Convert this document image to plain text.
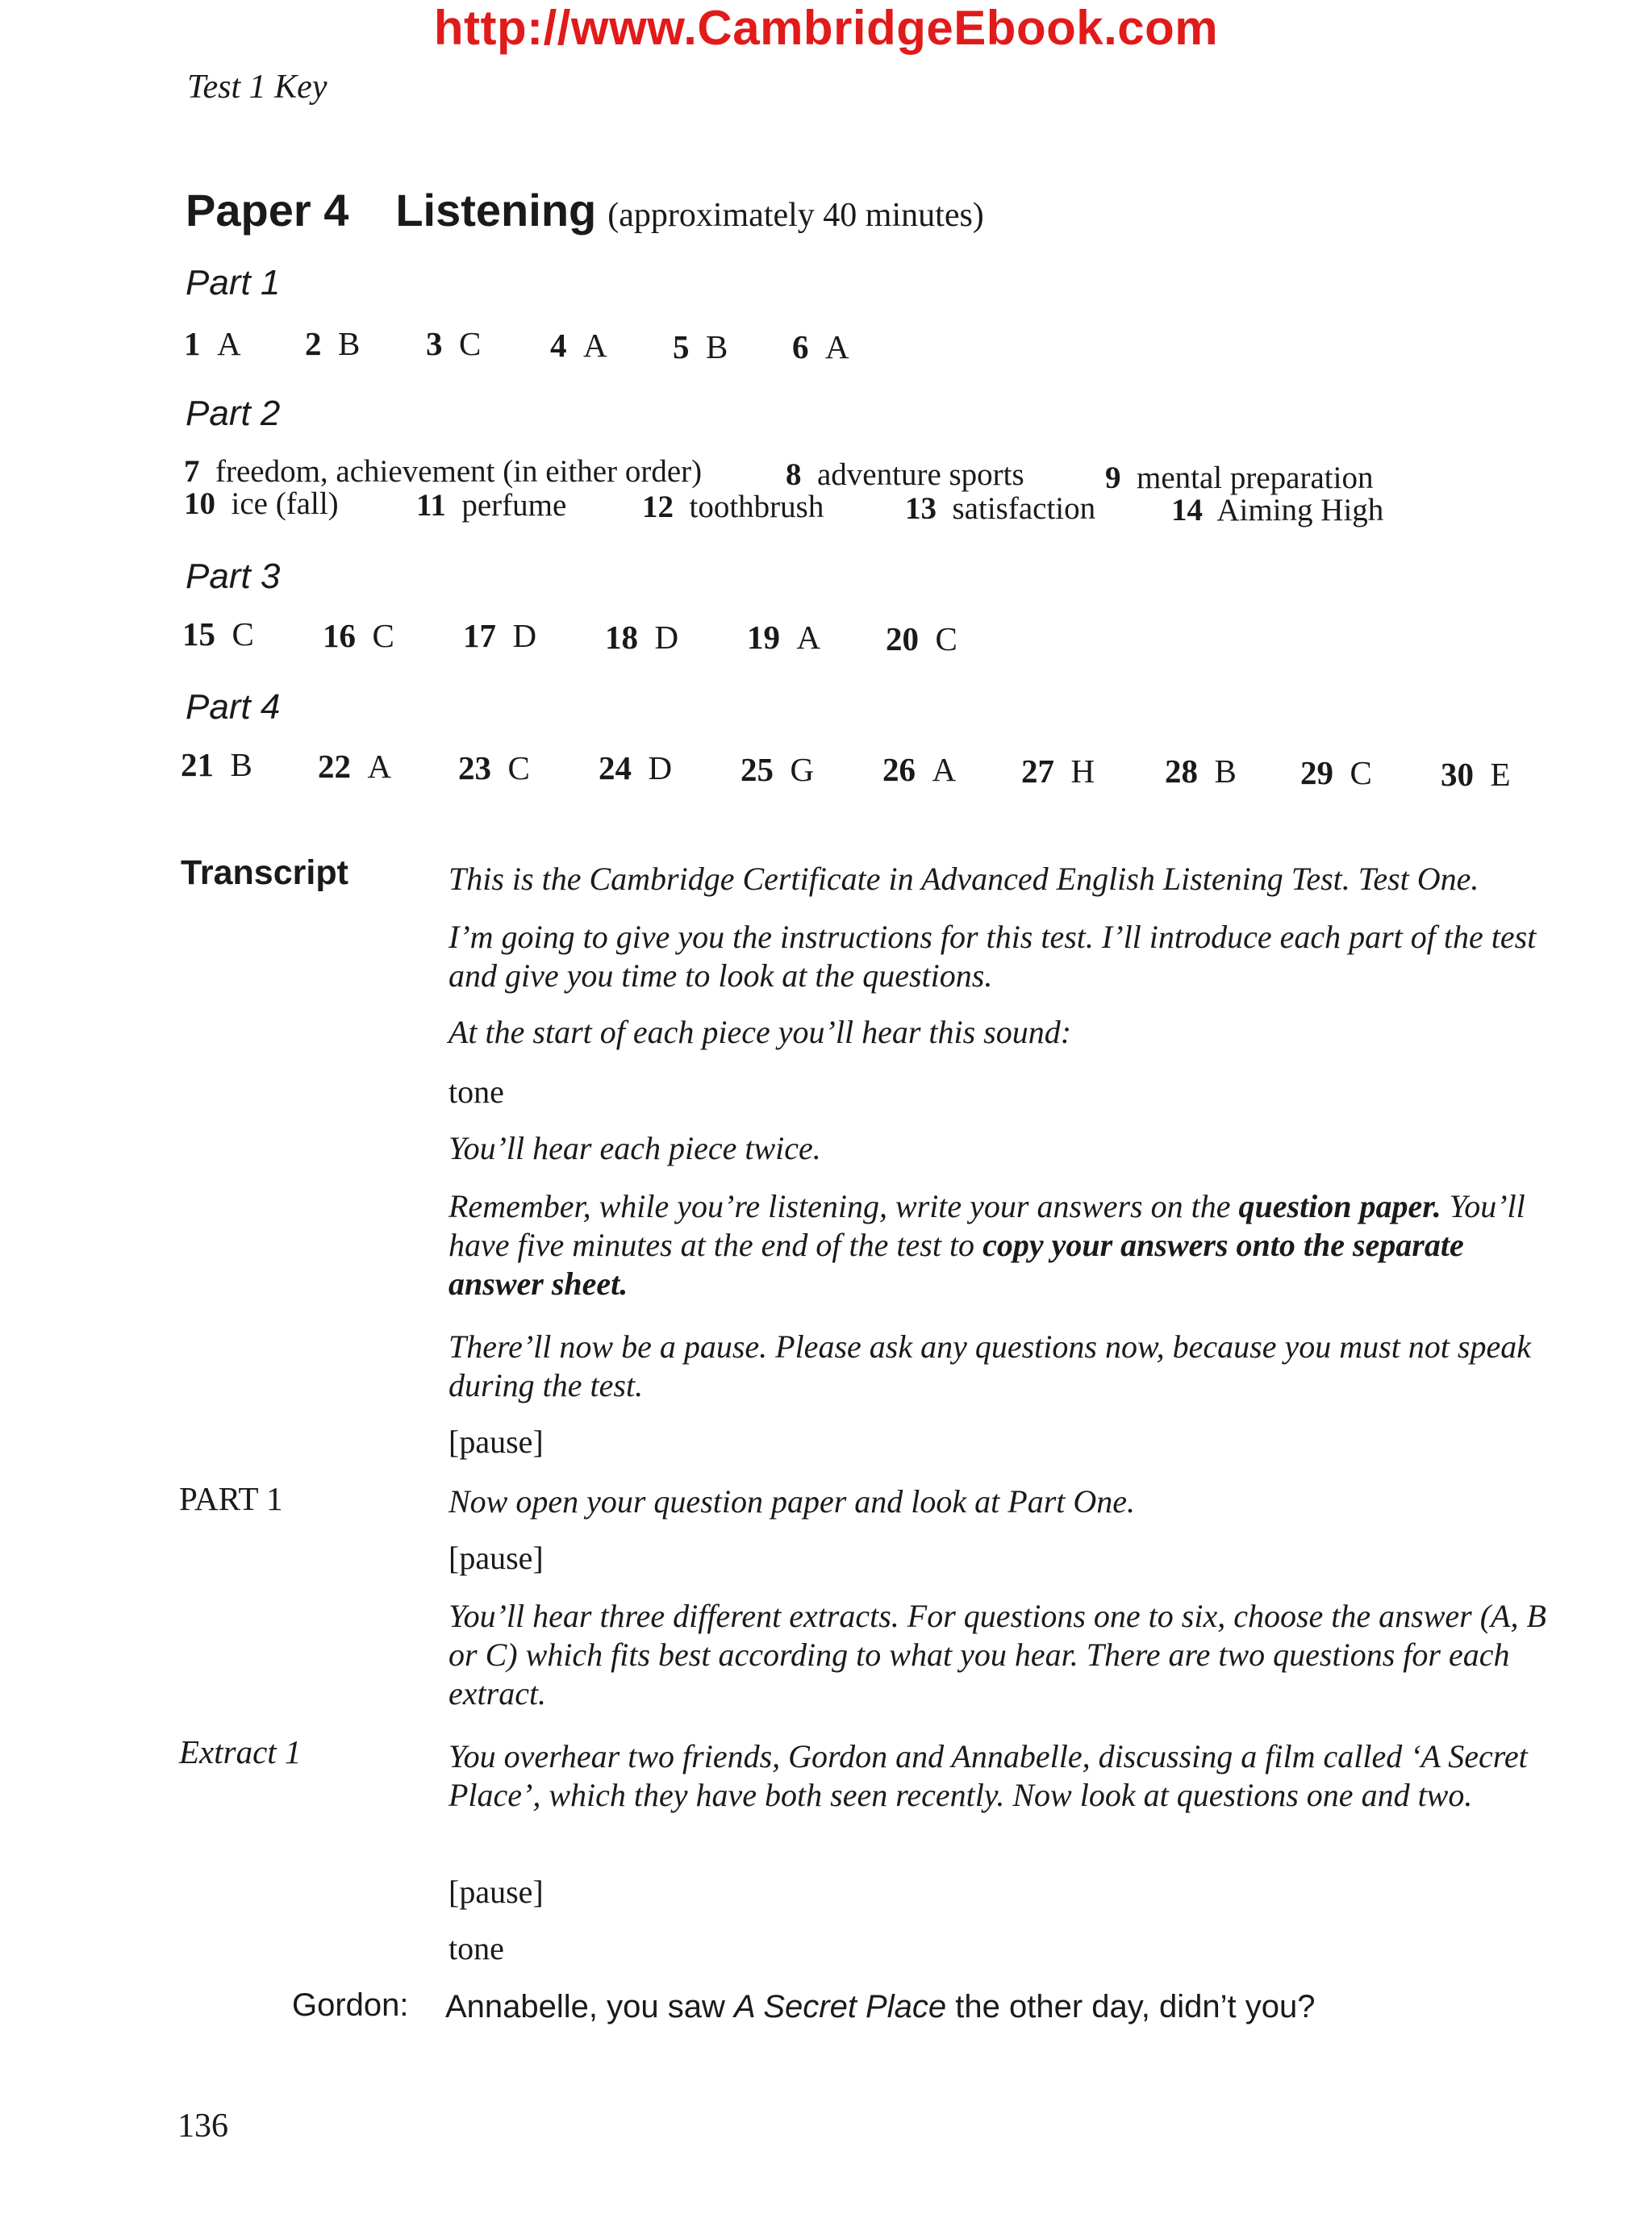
http://www.CambridgeEbook.com
Test 1 Key
Paper 4 Listening (approximately 40 minutes)
Part 1
1 A 2 B 3 C 4 A 5 B 6 A
Part 2
7 freedom, achievement (in either order)	8 adventure sports	9 mental preparation
10 ice (fall) 11 perfume 12 toothbrush	13 satisfaction 14 Aiming High
Part 3
15 C 16 C 17 D 18 D 19 A 20 C
Part 4
21 B 22 A 23 C 24 D 25 G 26 A 27 H 28 B 29 C 30 E
Transcript	This is the Cambridge Certificate in Advanced English Listening Test. Test One.
I’m going to give you the instructions for this test. I’ll introduce each part of the test and give you time to look at the questions.
At the start of each piece you’ll hear this sound:
tone
You’ll hear each piece twice.
Remember, while you’re listening, write your answers on the question paper. You’ll have five minutes at the end of the test to copy your answers onto the separate answer sheet.
There’ll now be a pause. Please ask any questions now, because you must not speak during the test.
[pause]
PART 1	Now open your question paper and look at Part One.
[pause]
You’ll hear three different extracts. For questions one to six, choose the answer (A, B or C) which fits best according to what you hear. There are two questions for each extract.
Extract 1	You overhear two friends, Gordon and Annabelle, discussing a film called ‘A Secret Place’, which they have both seen recently. Now look at questions one and two.
[pause]
tone
Gordon: Annabelle, you saw A Secret Place the other day, didn’t you?
136
